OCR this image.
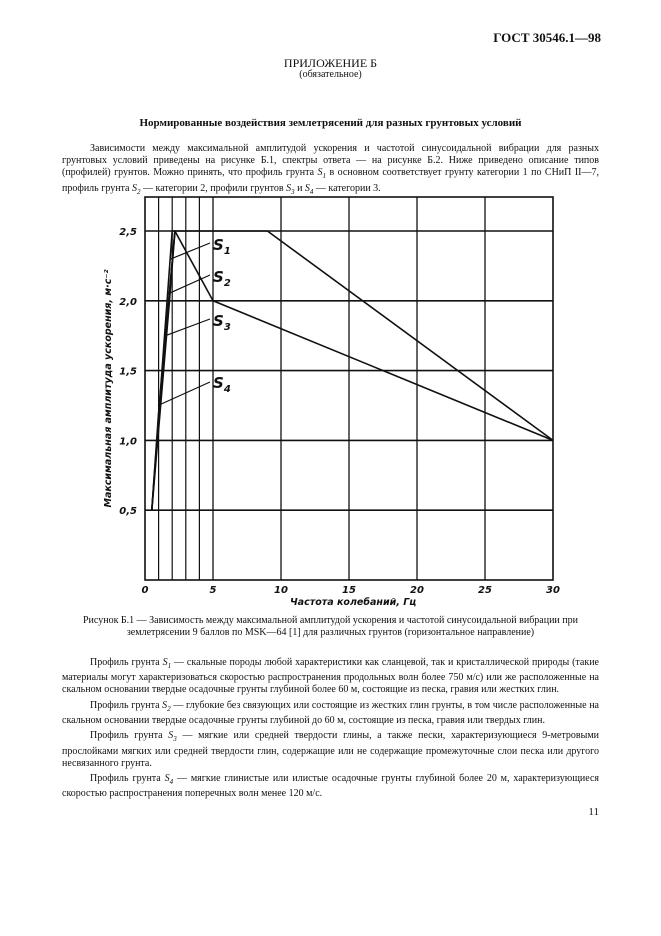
ГОСТ 30546.1—98
ПРИЛОЖЕНИЕ Б
(обязательное)
Нормированные воздействия землетрясений для разных грунтовых условий
Зависимости между максимальной амплитудой ускорения и частотой синусоидальной вибрации для разных грунтовых условий приведены на рисунке Б.1, спектры ответа — на рисунке Б.2. Ниже приведено описание типов (профилей) грунтов. Можно принять, что профиль грунта $S_1$ в основном соответствует грунту категории 1 по СНиП II—7, профиль грунта $S_2$ — категории 2, профили грунтов $S_3$ и $S_4$ — категории 3.
0,5
1,0
1,5
2,0
2,5
0	5	10	15	20	25	30
$S_1$
$S_2$
$S_3$
$S_4$
Частота колебаний, Гц
Максимальная амплитуда ускорения, м·с⁻²
Рисунок Б.1 — Зависимость между максимальной амплитудой ускорения и частотой синусоидальной вибрации при землетрясении 9 баллов по MSK—64 [1] для различных грунтов (горизонтальное направление)

Профиль грунта $S_1$ — скальные породы любой характеристики как сланцевой, так и кристаллической природы (такие материалы могут характеризоваться скоростью распространения продольных волн более 750 м/с) или же расположенные на скальном основании твердые осадочные грунты глубиной более 60 м, состоящие из песка, гравия или жестких глин.

Профиль грунта $S_2$ — глубокие без связующих или состоящие из жестких глин грунты, в том числе расположенные на скальном основании твердые осадочные грунты глубиной до 60 м, состоящие из песка, гравия или твердых глин.

Профиль грунта $S_3$ — мягкие или средней твердости глины, а также пески, характеризующиеся 9-метровыми прослойками мягких или средней твердости глин, содержащие или не содержащие промежуточные слои песка или другого несвязанного грунта.

Профиль грунта $S_4$ — мягкие глинистые или илистые осадочные грунты глубиной более 20 м, характеризующиеся скоростью распространения поперечных волн менее 120 м/с.

11
